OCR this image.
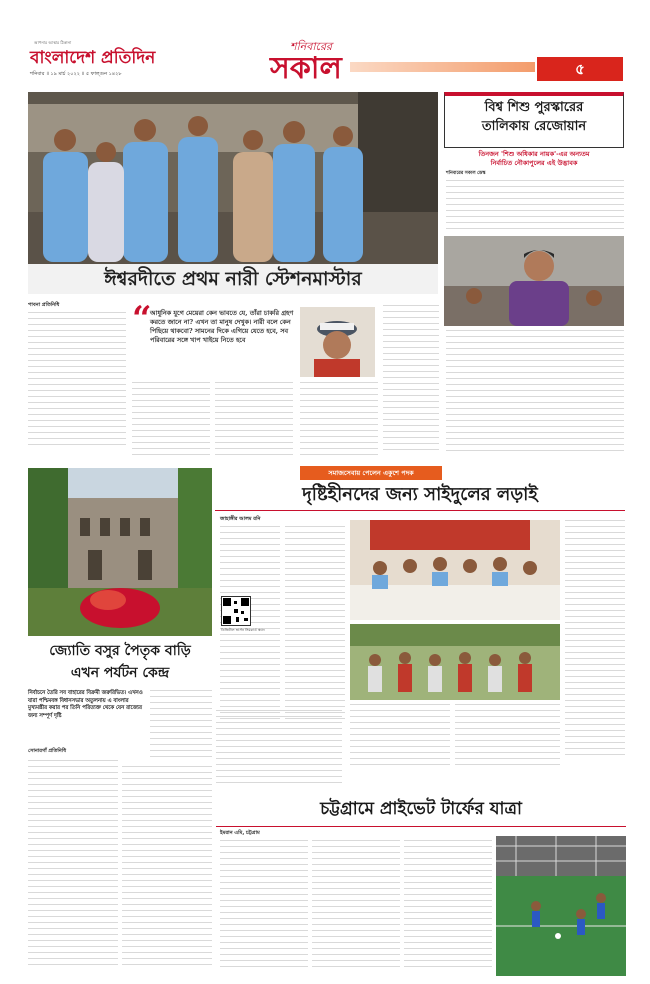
আপনার আস্থার ঠিকানা
বাংলাদেশ প্রতিদিন
শনিবার ॥ ১৯ মার্চ ২০২২ ॥ ৫ ফাল্গুন ১৪২৮
শনিবারের
সকাল	৫
ঈশ্বরদীতে প্রথম নারী স্টেশনমাস্টার
পাবনা প্রতিনিধি “
আধুনিক যুগে মেয়েরা কেন ভাবতে যে, তাঁরা চাকরি গ্রহণ করতে জানে না? এখন তা মানুষ দেখুক। নারী বলে কেন পিছিয়ে থাকবো? সামনের দিকে এগিয়ে যেতে হবে, সব পরিবারের সঙ্গে খাপ খাইয়ে নিতে হবে
বিশ্ব শিশু পুরস্কারের
তালিকায় রেজোয়ান
তিনজন 'শিশু অধিকার নায়ক'-এর অন্যতম
নির্বাচিত নৌকাপুলের এই উদ্ভাবক
শনিবারের সকাল ডেস্ক
সমাজসেবায় পেলেন একুশে পদক
দৃষ্টিহীনদের জন্য সাইদুলের লড়াই
জাহাঙ্গীর আলম রনি
ডিজিটাল ভার্সন সিমকার্ড স্ক্যান
জ্যোতি বসুর পৈতৃক বাড়ি
এখন পর্যটন কেন্দ্র
নির্বাচনে তৈরি সব বাহারের বিক্রমী জরুরিভিত। এখনও যারা পশ্চিমবঙ্গ বিধানসভার অতুলনায় এ বাংলার মুখ্যমন্ত্রীর করার পর তিনি পরিত্যক্ত থেকে যেন রাজ্যের জন্য সম্পূর্ণ দৃষ্টি
সোনারগাঁ প্রতিনিধি
চট্টগ্রামে প্রাইভেট টার্ফের যাত্রা
ইমরান এমি, চট্টগ্রাম
